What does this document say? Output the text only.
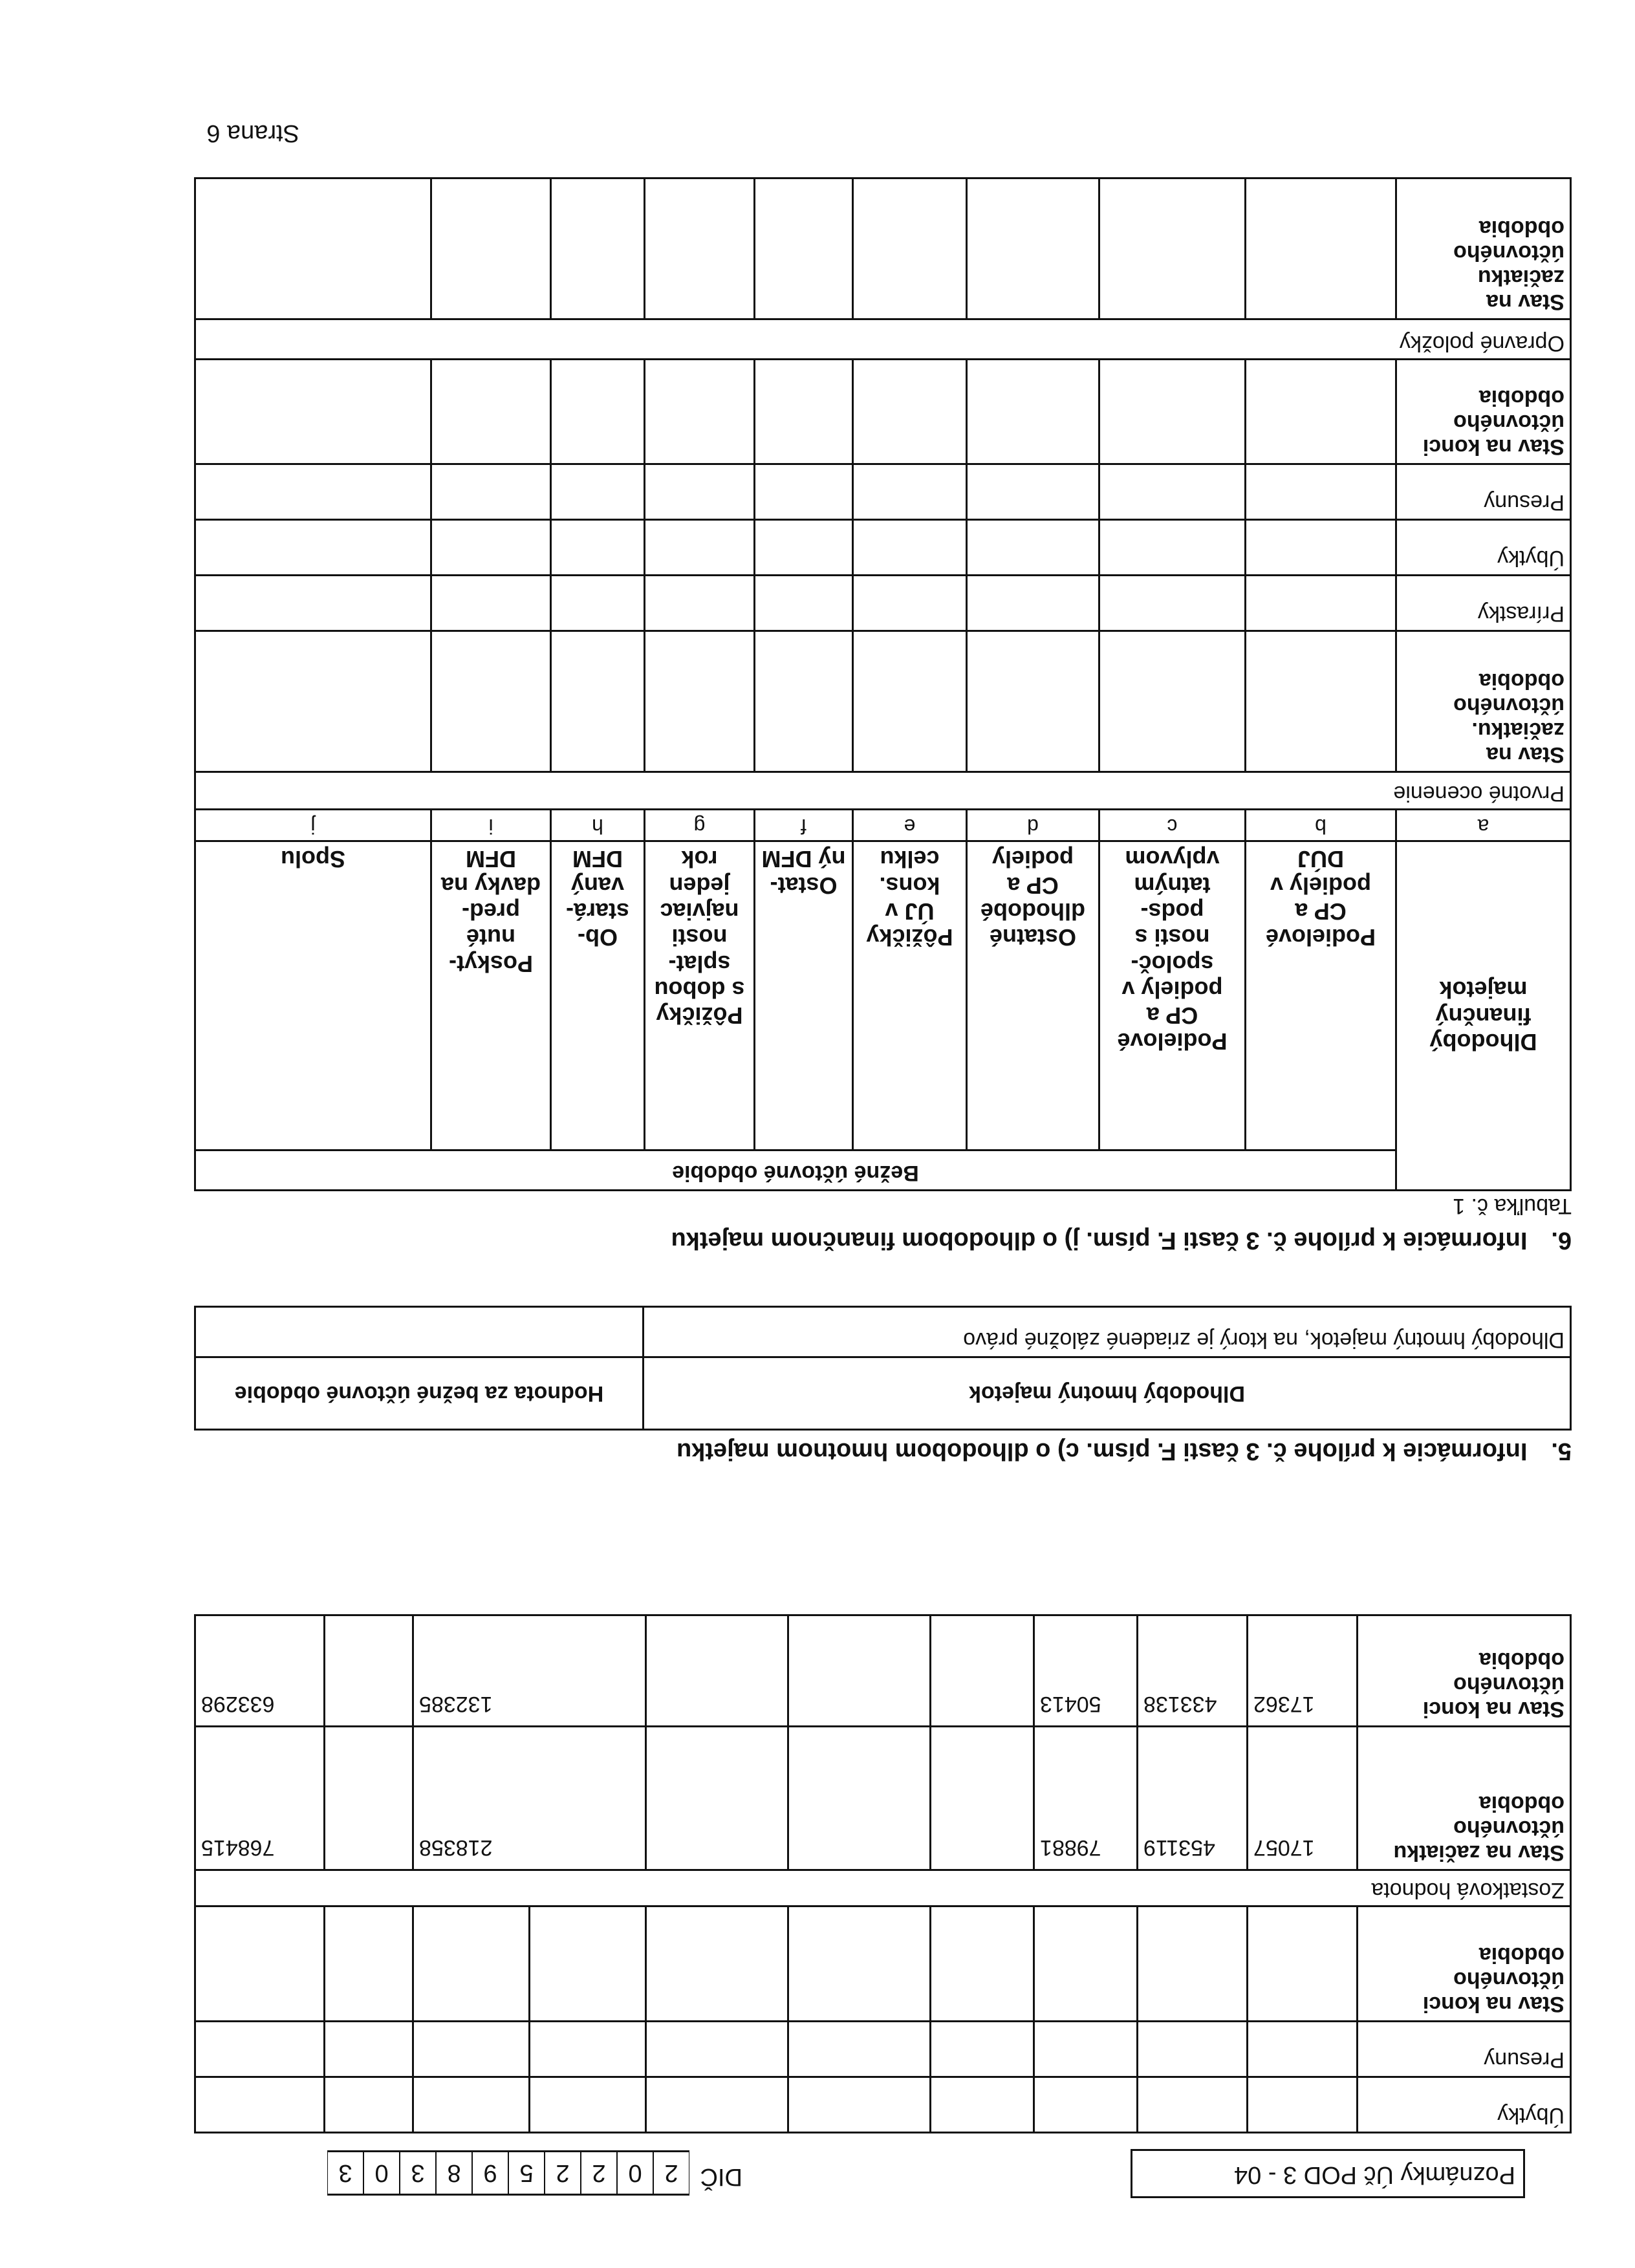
Poznámky Úč POD 3 - 04
DIČ
2
0
2
2
5
9
8
3
0
3
Úbytky										
Presuny										
Stav na konci účtovného obdobia										
Zostatková hodnota										
Stav na začiatku účtovného obdobia	17057	453119	79881				218358			768415
Stav na konci účtovného obdobia	17362	433138	50413				132385			633298
5. Informácie k prílohe č. 3 časti F. písm. c) o dlhodobom hmotnom majetku
Dlhodobý hmotný majetok	Hodnota za bežné účtovné obdobie
Dlhodobý hmotný majetok, na ktorý je zriadené záložné právo	
6. Informácie k prílohe č. 3 časti F. písm. j) o dlhodobom finančnom majetku
Tabuľka č. 1
Dlhodobý finančný majetok	Bežné účtovné obdobie								
	Podielové CP a podiely v DÚJ	Podielové CP a podiely v spoloč-nosti s pods-tatným vplyvom	Ostatné dlhodobé CP a podiely	Pôžičky ÚJ v kons. celku	Ostat-ný DFM	Pôžičky s dobou splat-nosti najviac jeden rok	Ob-stará-vaný DFM	Poskyt-nuté pred-davky na DFM	Spolu

a	b	c	d	e	f	g	h	i	j
Prvotné ocenenie									
Stav na začiatku. účtovného obdobia									
Prírastky									
Úbytky									
Presuny									
Stav na konci účtovného obdobia									
Opravné položky									
Stav na začiatku účtovného obdobia									
Strana 6
